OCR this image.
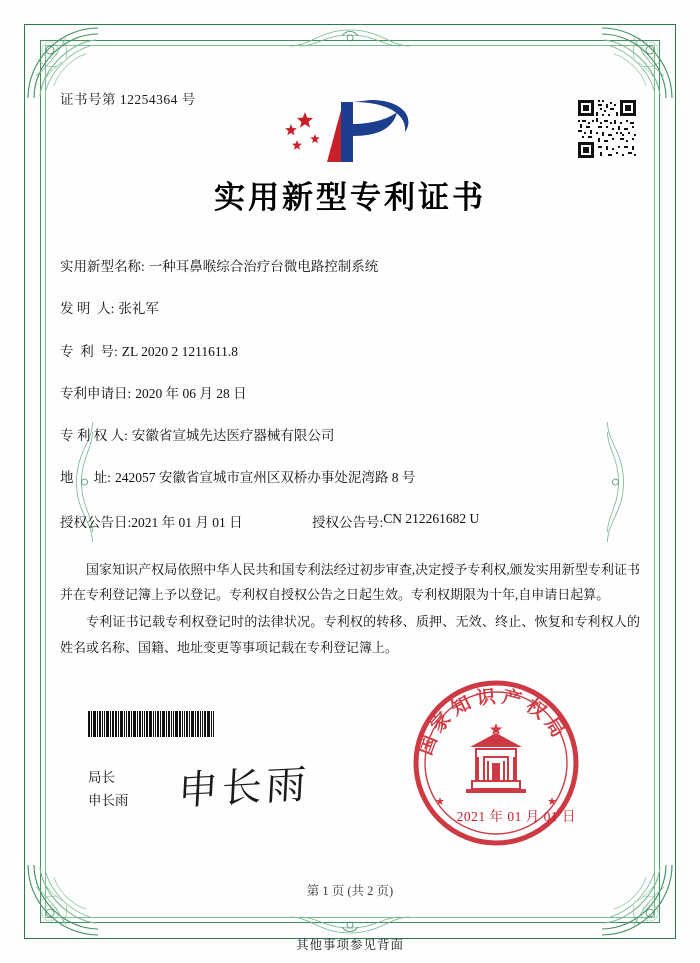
证书号第 12254364 号
实用新型专利证书
实用新型名称: 一种耳鼻喉综合治疗台微电路控制系统
发 明  人: 张礼军
专  利  号: ZL 2020 2 1211611.8
专利申请日: 2020 年 06 月 28 日
专 利 权 人: 安徽省宣城先达医疗器械有限公司
地      址: 242057 安徽省宣城市宣州区双桥办事处泥湾路 8 号
授权公告日: 2021 年 01 月 01 日	授权公告号: CN 212261682 U

国家知识产权局依照中华人民共和国专利法经过初步审查,决定授予专利权,颁发实用新型专利证书并在专利登记簿上予以登记。专利权自授权公告之日起生效。专利权期限为十年,自申请日起算。

专利证书记载专利权登记时的法律状况。专利权的转移、质押、无效、终止、恢复和专利权人的姓名或名称、国籍、地址变更等事项记载在专利登记簿上。

局长
申长雨 申长雨
国家知识产权局
2021 年 01 月 01 日
第 1 页 (共 2 页)
其他事项参见背面
